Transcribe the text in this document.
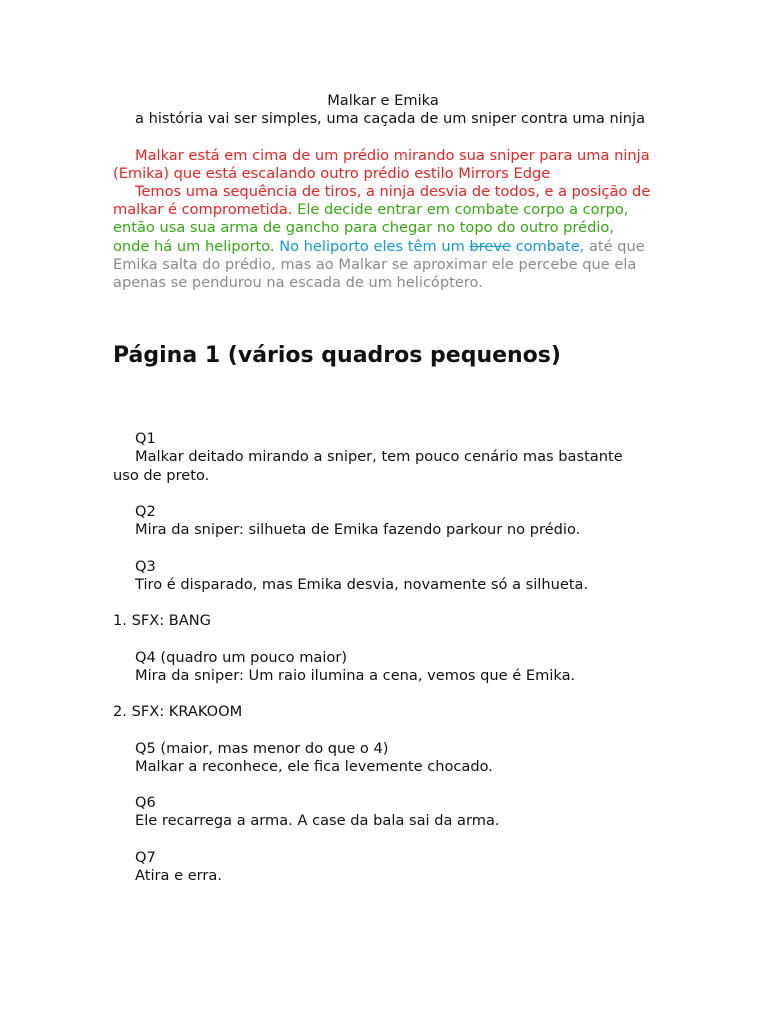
Malkar e Emika

a história vai ser simples, uma caçada de um sniper contra uma ninja

Malkar está em cima de um prédio mirando sua sniper para uma ninja (Emika) que está escalando outro prédio estilo Mirrors Edge

Temos uma sequência de tiros, a ninja desvia de todos, e a posição de malkar é comprometida. Ele decide entrar em combate corpo a corpo, então usa sua arma de gancho para chegar no topo do outro prédio, onde há um heliporto. No heliporto eles têm um breve combate, até que Emika salta do prédio, mas ao Malkar se aproximar ele percebe que ela apenas se pendurou na escada de um helicóptero.

Página 1 (vários quadros pequenos)

Q1

Malkar deitado mirando a sniper, tem pouco cenário mas bastante uso de preto.

Q2

Mira da sniper: silhueta de Emika fazendo parkour no prédio.

Q3

Tiro é disparado, mas Emika desvia, novamente só a silhueta.

1. SFX: BANG

Q4 (quadro um pouco maior)

Mira da sniper: Um raio ilumina a cena, vemos que é Emika.

2. SFX: KRAKOOM

Q5 (maior, mas menor do que o 4)

Malkar a reconhece, ele fica levemente chocado.

Q6

Ele recarrega a arma. A case da bala sai da arma.

Q7

Atira e erra.
